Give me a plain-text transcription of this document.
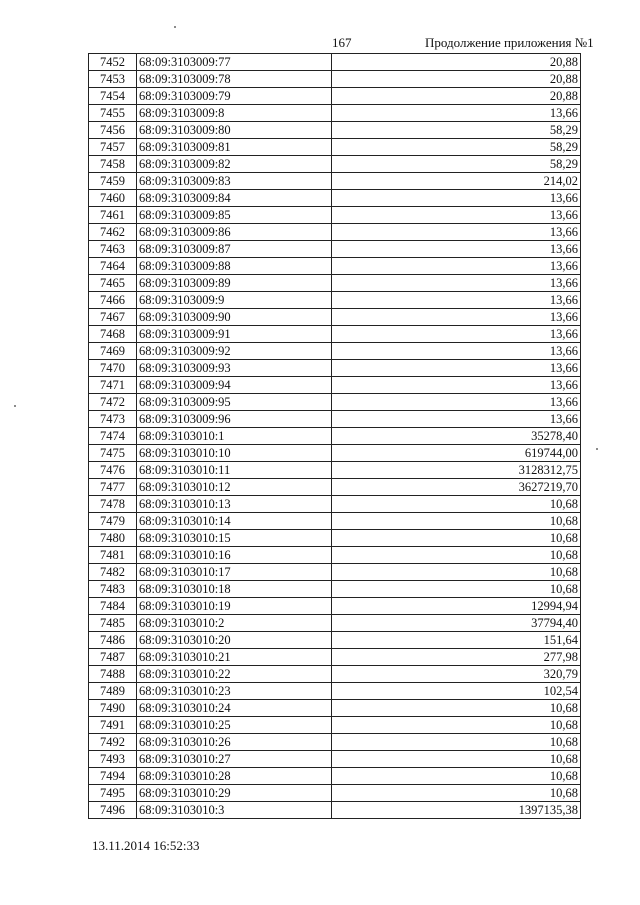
167	Продолжение приложения №1
7452	68:09:3103009:77	20,88
7453	68:09:3103009:78	20,88
7454	68:09:3103009:79	20,88
7455	68:09:3103009:8	13,66
7456	68:09:3103009:80	58,29
7457	68:09:3103009:81	58,29
7458	68:09:3103009:82	58,29
7459	68:09:3103009:83	214,02
7460	68:09:3103009:84	13,66
7461	68:09:3103009:85	13,66
7462	68:09:3103009:86	13,66
7463	68:09:3103009:87	13,66
7464	68:09:3103009:88	13,66
7465	68:09:3103009:89	13,66
7466	68:09:3103009:9	13,66
7467	68:09:3103009:90	13,66
7468	68:09:3103009:91	13,66
7469	68:09:3103009:92	13,66
7470	68:09:3103009:93	13,66
7471	68:09:3103009:94	13,66
7472	68:09:3103009:95	13,66
7473	68:09:3103009:96	13,66
7474	68:09:3103010:1	35278,40
7475	68:09:3103010:10	619744,00
7476	68:09:3103010:11	3128312,75
7477	68:09:3103010:12	3627219,70
7478	68:09:3103010:13	10,68
7479	68:09:3103010:14	10,68
7480	68:09:3103010:15	10,68
7481	68:09:3103010:16	10,68
7482	68:09:3103010:17	10,68
7483	68:09:3103010:18	10,68
7484	68:09:3103010:19	12994,94
7485	68:09:3103010:2	37794,40
7486	68:09:3103010:20	151,64
7487	68:09:3103010:21	277,98
7488	68:09:3103010:22	320,79
7489	68:09:3103010:23	102,54
7490	68:09:3103010:24	10,68
7491	68:09:3103010:25	10,68
7492	68:09:3103010:26	10,68
7493	68:09:3103010:27	10,68
7494	68:09:3103010:28	10,68
7495	68:09:3103010:29	10,68
7496	68:09:3103010:3	1397135,38
13.11.2014 16:52:33
